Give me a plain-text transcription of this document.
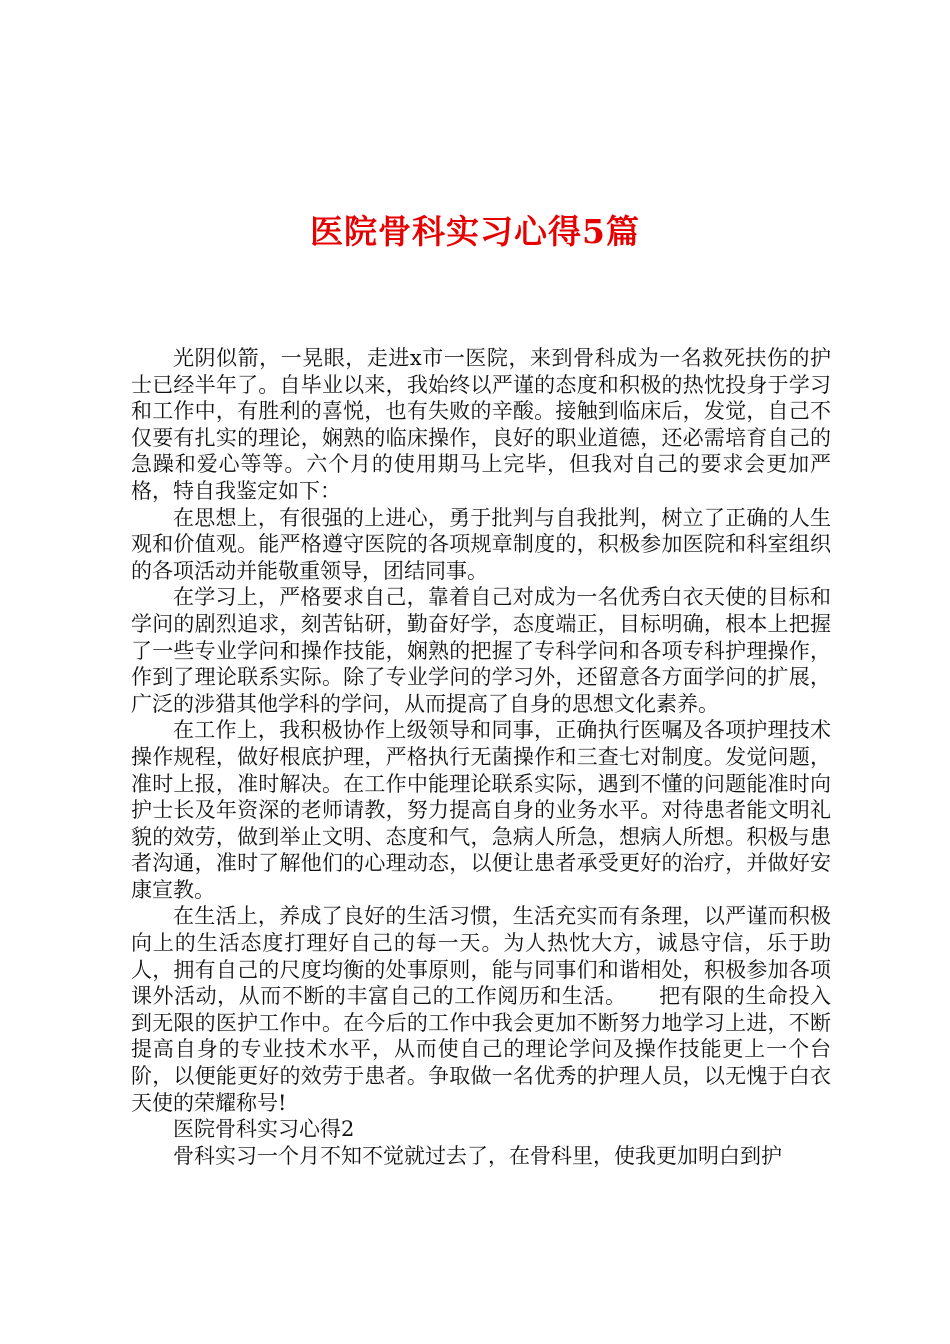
医院骨科实习心得5篇

光阴似箭，一晃眼，走进x市一医院，来到骨科成为一名救死扶伤的护士已经半年了。自毕业以来，我始终以严谨的态度和积极的热忱投身于学习和工作中，有胜利的喜悦，也有失败的辛酸。接触到临床后，发觉，自己不仅要有扎实的理论，娴熟的临床操作，良好的职业道德，还必需培育自己的急躁和爱心等等。六个月的使用期马上完毕，但我对自己的要求会更加严格，特自我鉴定如下：

在思想上，有很强的上进心，勇于批判与自我批判，树立了正确的人生观和价值观。能严格遵守医院的各项规章制度的，积极参加医院和科室组织的各项活动并能敬重领导，团结同事。

在学习上，严格要求自己，靠着自己对成为一名优秀白衣天使的目标和学问的剧烈追求，刻苦钻研，勤奋好学，态度端正，目标明确，根本上把握了一些专业学问和操作技能，娴熟的把握了专科学问和各项专科护理操作，作到了理论联系实际。除了专业学问的学习外，还留意各方面学问的扩展，广泛的涉猎其他学科的学问，从而提高了自身的思想文化素养。

在工作上，我积极协作上级领导和同事，正确执行医嘱及各项护理技术操作规程，做好根底护理，严格执行无菌操作和三查七对制度。发觉问题，准时上报，准时解决。在工作中能理论联系实际，遇到不懂的问题能准时向护士长及年资深的老师请教，努力提高自身的业务水平。对待患者能文明礼貌的效劳，做到举止文明、态度和气，急病人所急，想病人所想。积极与患者沟通，准时了解他们的心理动态，以便让患者承受更好的治疗，并做好安康宣教。

在生活上，养成了良好的生活习惯，生活充实而有条理，以严谨而积极向上的生活态度打理好自己的每一天。为人热忱大方，诚恳守信，乐于助人，拥有自己的尺度均衡的处事原则，能与同事们和谐相处，积极参加各项课外活动，从而不断的丰富自己的工作阅历和生活。　　把有限的生命投入到无限的医护工作中。在今后的工作中我会更加不断努力地学习上进，不断提高自身的专业技术水平，从而使自己的理论学问及操作技能更上一个台阶，以便能更好的效劳于患者。争取做一名优秀的护理人员，以无愧于白衣天使的荣耀称号!

医院骨科实习心得2

骨科实习一个月不知不觉就过去了，在骨科里，使我更加明白到护
